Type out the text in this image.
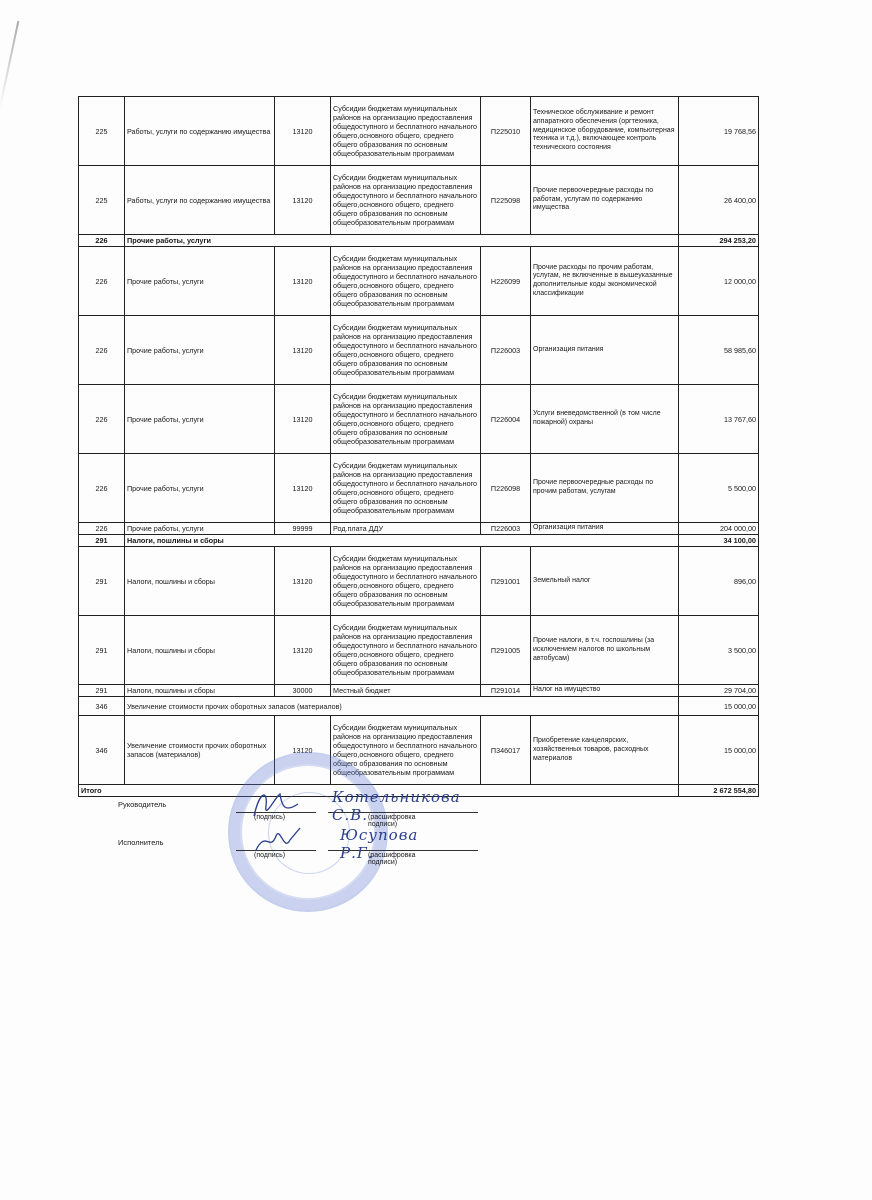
225	Работы, услуги по содержанию имущества	13120	Субсидии бюджетам муниципальных районов на организацию предоставления общедоступного и бесплатного начального общего,основного общего, среднего общего образования по основным общеобразовательным программам	П225010	Техническое обслуживание и ремонт аппаратного обеспечения (оргтехника, медицинское оборудование, компьютерная техника и т.д.), включающее контроль технического состояния	19 768,56
225	Работы, услуги по содержанию имущества	13120	Субсидии бюджетам муниципальных районов на организацию предоставления общедоступного и бесплатного начального общего,основного общего, среднего общего образования по основным общеобразовательным программам	П225098	Прочие первоочередные расходы по работам, услугам по содержанию имущества	26 400,00
226	Прочие работы, услуги					294 253,20
226	Прочие работы, услуги	13120	Субсидии бюджетам муниципальных районов на организацию предоставления общедоступного и бесплатного начального общего,основного общего, среднего общего образования по основным общеобразовательным программам	Н226099	Прочие расходы по прочим работам, услугам, не включенные в вышеуказанные дополнительные коды экономической классификации	12 000,00
226	Прочие работы, услуги	13120	Субсидии бюджетам муниципальных районов на организацию предоставления общедоступного и бесплатного начального общего,основного общего, среднего общего образования по основным общеобразовательным программам	П226003	Организация питания	58 985,60
226	Прочие работы, услуги	13120	Субсидии бюджетам муниципальных районов на организацию предоставления общедоступного и бесплатного начального общего,основного общего, среднего общего образования по основным общеобразовательным программам	П226004	Услуги вневедомственной (в том числе пожарной) охраны	13 767,60
226	Прочие работы, услуги	13120	Субсидии бюджетам муниципальных районов на организацию предоставления общедоступного и бесплатного начального общего,основного общего, среднего общего образования по основным общеобразовательным программам	П226098	Прочие первоочередные расходы по прочим работам, услугам	5 500,00
226	Прочие работы, услуги	99999	Род.плата ДДУ	П226003	Организация питания	204 000,00
291	Налоги, пошлины и сборы					34 100,00
291	Налоги, пошлины и сборы	13120	Субсидии бюджетам муниципальных районов на организацию предоставления общедоступного и бесплатного начального общего,основного общего, среднего общего образования по основным общеобразовательным программам	П291001	Земельный налог	896,00
291	Налоги, пошлины и сборы	13120	Субсидии бюджетам муниципальных районов на организацию предоставления общедоступного и бесплатного начального общего,основного общего, среднего общего образования по основным общеобразовательным программам	П291005	Прочие налоги, в т.ч. госпошлины (за исключением налогов по школьным автобусам)	3 500,00
291	Налоги, пошлины и сборы	30000	Местный бюджет	П291014	Налог на имущество	29 704,00
346	Увеличение стоимости прочих оборотных запасов (материалов)					15 000,00
346	Увеличение стоимости прочих оборотных запасов (материалов)	13120	Субсидии бюджетам муниципальных районов на организацию предоставления общедоступного и бесплатного начального общего,основного общего, среднего общего образования по основным общеобразовательным программам	П346017	Приобретение канцелярских, хозяйственных товаров, расходных материалов	15 000,00
Итого						2 672 554,80
Руководитель
(подпись)	(расшифровка подписи)
Котельникова С.В.
Исполнитель
(подпись)	(расшифровка подписи)
Юсупова Р.Г.
